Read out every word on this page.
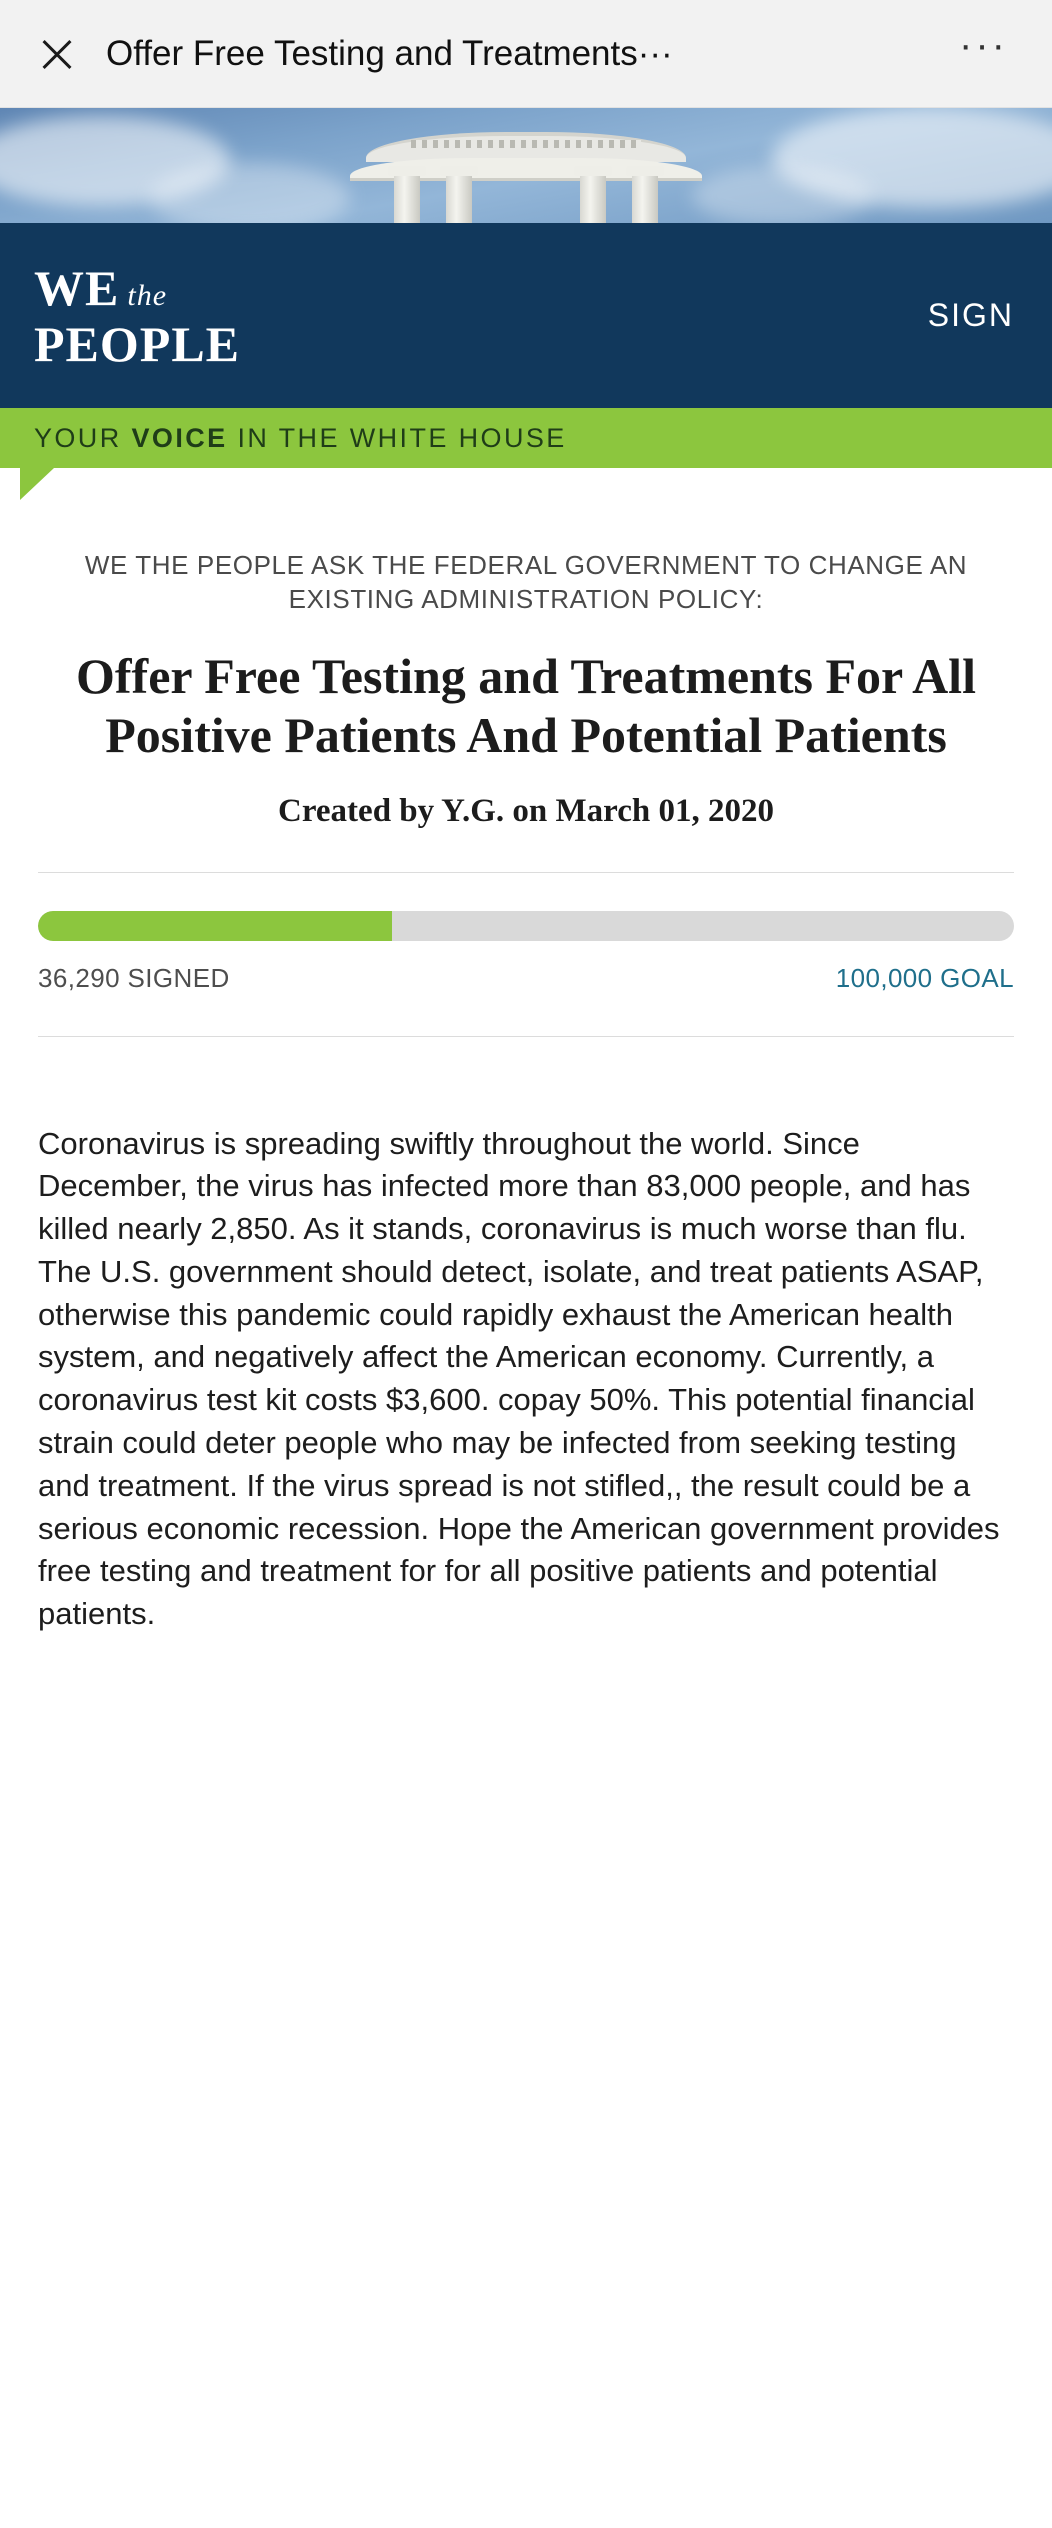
Offer Free Testing and Treatments···	···
WE the
PEOPLE
SIGN
YOUR VOICE IN THE WHITE HOUSE
WE THE PEOPLE ASK THE FEDERAL GOVERNMENT TO CHANGE AN EXISTING ADMINISTRATION POLICY:
Offer Free Testing and Treatments For All Positive Patients And Potential Patients
Created by Y.G. on March 01, 2020
36,290 SIGNED	100,000 GOAL

Coronavirus is spreading swiftly throughout the world. Since December, the virus has infected more than 83,000 people, and has killed nearly 2,850. As it stands, coronavirus is much worse than flu. The U.S. government should detect, isolate, and treat patients ASAP, otherwise this pandemic could rapidly exhaust the American health system, and negatively affect the American economy. Currently, a coronavirus test kit costs $3,600. copay 50%. This potential financial strain could deter people who may be infected from seeking testing and treatment. If the virus spread is not stifled,, the result could be a serious economic recession. Hope the American government provides free testing and treatment for for all positive patients and potential patients.
